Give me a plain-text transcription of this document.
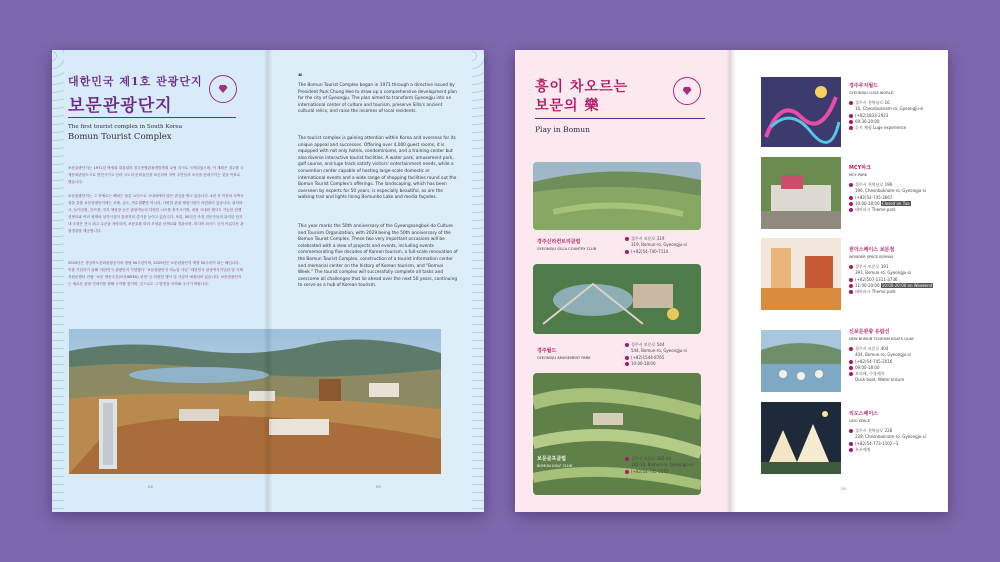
대한민국 제1호 관광단지
보문관광단지
The first tourist complex in South Korea
Bomun Tourist Complex
보문관광단지는 1971년 박정희 대통령의 경주종합관광개발계획 수립 지시로 시작되었으며, 이 계획은 경주를 국제문화관광도시로 발전시키고 신라 고도의 문화유산을 보존하며 지역 주민들의 소득을 증대시키는 것을 목표로 했습니다.
보문관광단지는 그 자체로는 해외는 물론 요인으로 국내외에서 많은 관심을 받고 있습니다. 4천 상 이상의 숙박시설을 갖춘 보문관광단지에는 호텔, 콘도, 연수원뿐만 아니라, 다양한 관광 체험시설이 마련되어 있습니다. 워터파크, 놀이공원, 골프장, 루지 체험장 등은 관광객들의 다양한 니즈를 충족시키며, 대형 국내외 행사도 가능한 컨벤션센터와 여러 형태의 상가시설이 관광지의 즐거움 늘이고 있습니다. 또한, 50년간 조경 전문가들의 관리한 단지 내 조경은 전국 최고 수준을 자랑하며, 보문호를 따라 조성된 산책로와 경관조명, 미디어 파사드 등이 아름다운 관광경관을 제공합니다.
2025년은 경상북도문화관광공사의 창립 50주년이며, 2029년은 보문관광단지 개장 50주년이 되는 해입니다. 이를 기념하기 위해 '대한민국 관광단지 기념행사' '보문관광단지 리뉴얼 사업' '대한민국 관광역사기념관 및 국제지원문센터 건립' '보문 방문주간(보문WEEK) 선정' 등 다양한 행사 및 사업이 예정되어 있습니다. 보문관광단지는 새로운 관광 전세기를 향해 도약할 것이며, 앞으로도 그 발전을 지켜봐 주시기 바랍니다.
04
❝
The Bomun Tourist Complex began in 1971 through a directive issued by President Park Chung Hee to draw up a comprehensive development plan for the city of Gyeongju. The plan aimed to transform Gyeongju into an international center of culture and tourism, preserve Silla's ancient cultural relics, and raise the incomes of local residents.
The tourist complex is gaining attention within Korea and overseas for its unique appeal and successes. Offering over 4,000 guest rooms, it is equipped with not only hotels, condominiums, and a training center but also diverse interactive tourist facilities. A water park, amusement park, golf course, and luge track satisfy visitors' entertainment needs, while a convention center capable of hosting large-scale domestic or international events and a wide range of shopping facilities round out the Bomun Tourist Complex's offerings. The landscaping, which has been overseen by experts for 50 years, is especially beautiful, as are the walking trail and lights lining Bomunho Lake and media façades.
This year marks the 50th anniversary of the Gyeongsangbuk-do Culture and Tourism Organization, with 2029 being the 50th anniversary of the Bomun Tourist Complex. These two very important occasions will be celebrated with a slew of projects and events, including events commemorating five decades of Korean tourism, a full-scale renovation of the Bomun Tourist Complex, construction of a tourist information center and memorial center on the history of Korean tourism, and "Bomun Week." The tourist complex will successfully complete all tasks and overcome all challenges that lie ahead over the next 50 years, continuing to serve as a hub of Korean tourism.
05
흥이 차오르는
보문의 樂
Play in Bomun
경주신라컨트리클럽
GYEONGJU SILLA COUNTRY CLUB
경주시 보문로 319
319, Bomun-ro, Gyeongju-si
(+82)54-740-7114
경주월드
GYEONGJU AMUSEMENT PARK
경주시 보문로 544
544, Bomun-ro, Gyeongju-si
(+82)1544-8765
10:00-18:00
보문골프클럽
BOMUN GOLF CLUB
경주시 보문로 182-14
182-14, Bomun-ro, Gyeongju-si
(+82)54-745-1572
28
경주루지월드
GYEONGJU LUGE WORLD
경주시 천북남로 16
16, Cheonbuknam-ro, Gyeongju-si
(+82)1833-2923
09:30-20:00
루지 체험 Luge experience
MCY파크
MCY PARK
경주시 천북남로 196
196, Cheonbuknam-ro, Gyeongju-si
(+82)54-745-3667
10:00-18:00 Closed on Tue
테마파크 Theme park
원더스페이스 보문점
WONDER SPACE BOMUN
경주시 보문로 391
391, Bomun-ro, Gyeongju-si
(+82)507-1311-3736
11:00-20:00 10:00-20:00 on Weekend
테마파크 Theme park
신보문관광 유람선
NEW BOMUN TOURISM BOATS QUAY
경주시 보문로 404
404, Bomun-ro, Gyeongju-si
(+82)54-745-2016
09:00-18:00
오리배, 수상레저
Duck boat, Water leisure
리도스페이스
LIDO SPACE
경주시 천북남로 228
228, Cheonbuknam-ro, Gyeongju-si
(+82)54-773-1102~3
오픈예정
29
